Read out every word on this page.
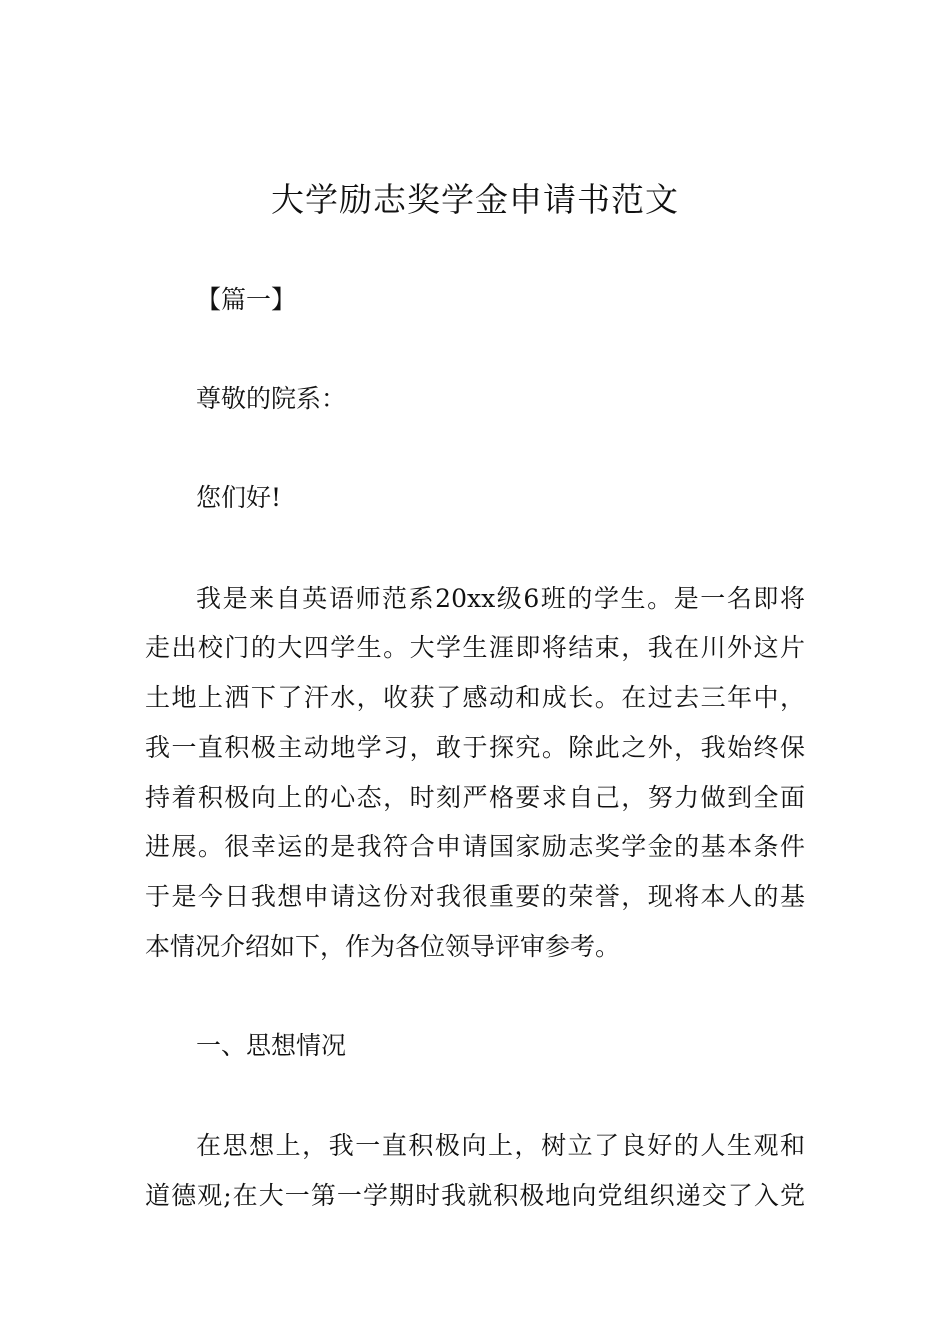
大学励志奖学金申请书范文
【篇一】
尊敬的院系：
您们好!
我是来自英语师范系20xx级6班的学生。是一名即将
走出校门的大四学生。大学生涯即将结束，我在川外这片
土地上洒下了汗水，收获了感动和成长。在过去三年中，
我一直积极主动地学习，敢于探究。除此之外，我始终保
持着积极向上的心态，时刻严格要求自己，努力做到全面
进展。很幸运的是我符合申请国家励志奖学金的基本条件
于是今日我想申请这份对我很重要的荣誉，现将本人的基
本情况介绍如下，作为各位领导评审参考。
一、思想情况
在思想上，我一直积极向上，树立了良好的人生观和
道德观;在大一第一学期时我就积极地向党组织递交了入党
